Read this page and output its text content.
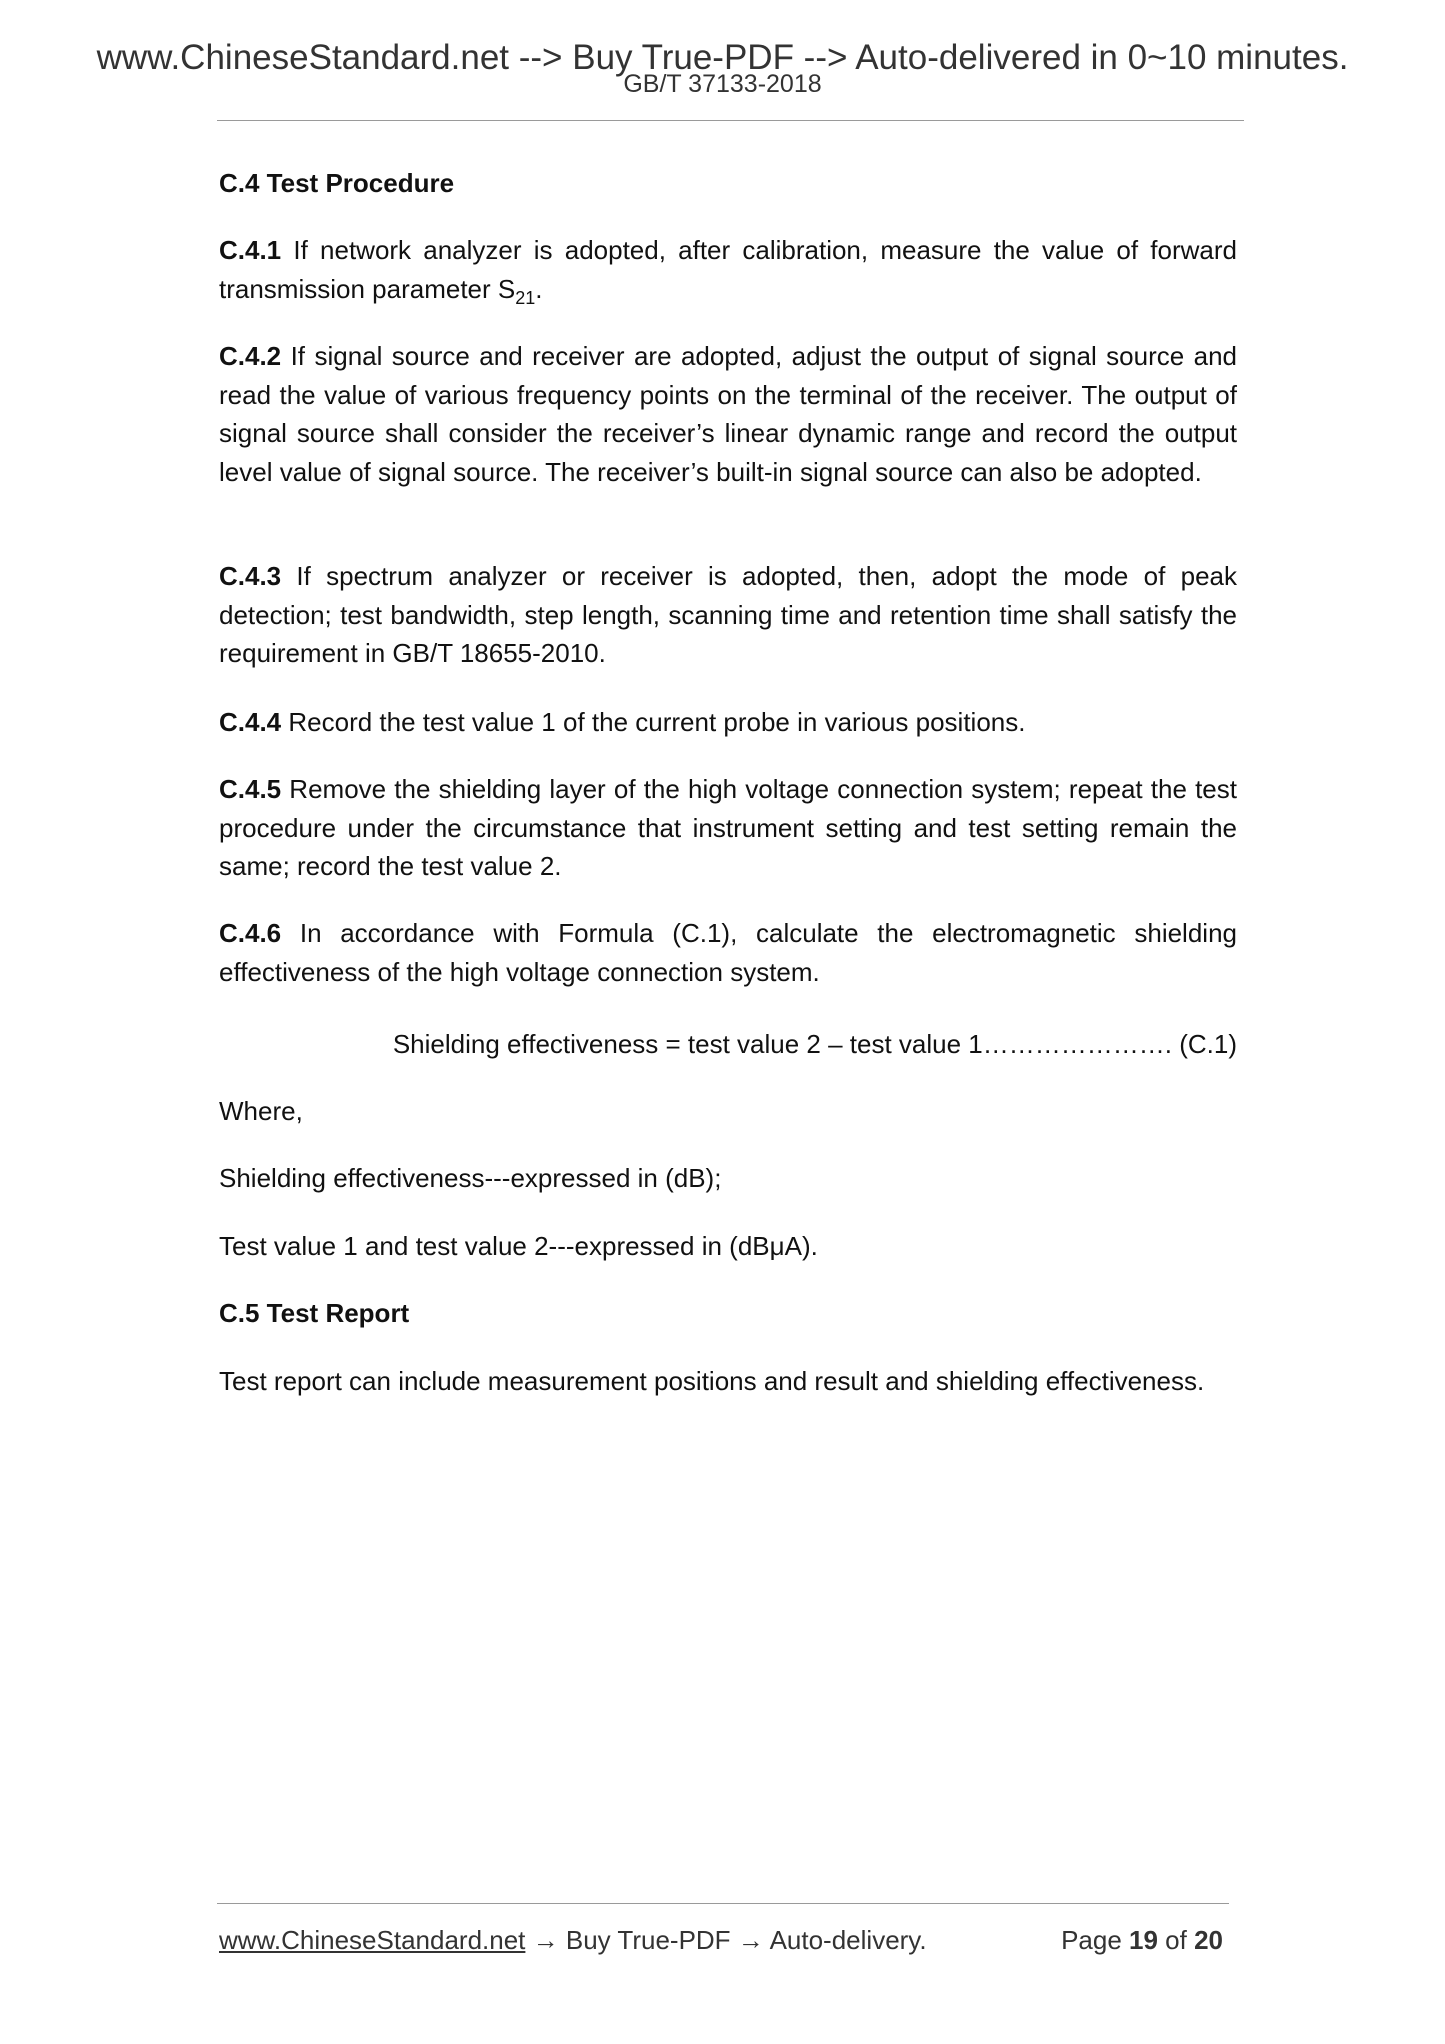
www.ChineseStandard.net --> Buy True-PDF --> Auto-delivered in 0~10 minutes.
GB/T 37133-2018

C.4 Test Procedure

C.4.1 If network analyzer is adopted, after calibration, measure the value of forward transmission parameter $S_{21}$.

C.4.2 If signal source and receiver are adopted, adjust the output of signal source and read the value of various frequency points on the terminal of the receiver. The output of signal source shall consider the receiver’s linear dynamic range and record the output level value of signal source. The receiver’s built-in signal source can also be adopted.

C.4.3 If spectrum analyzer or receiver is adopted, then, adopt the mode of peak detection; test bandwidth, step length, scanning time and retention time shall satisfy the requirement in GB/T 18655-2010.

C.4.4 Record the test value 1 of the current probe in various positions.

C.4.5 Remove the shielding layer of the high voltage connection system; repeat the test procedure under the circumstance that instrument setting and test setting remain the same; record the test value 2.

C.4.6 In accordance with Formula (C.1), calculate the electromagnetic shielding effectiveness of the high voltage connection system.

Shielding effectiveness = test value 2 – test value 1…………………. (C.1)

Where,

Shielding effectiveness---expressed in (dB);

Test value 1 and test value 2---expressed in (dBμA).

C.5 Test Report

Test report can include measurement positions and result and shielding effectiveness.

www.ChineseStandard.net → Buy True-PDF → Auto-delivery.	Page 19 of 20
